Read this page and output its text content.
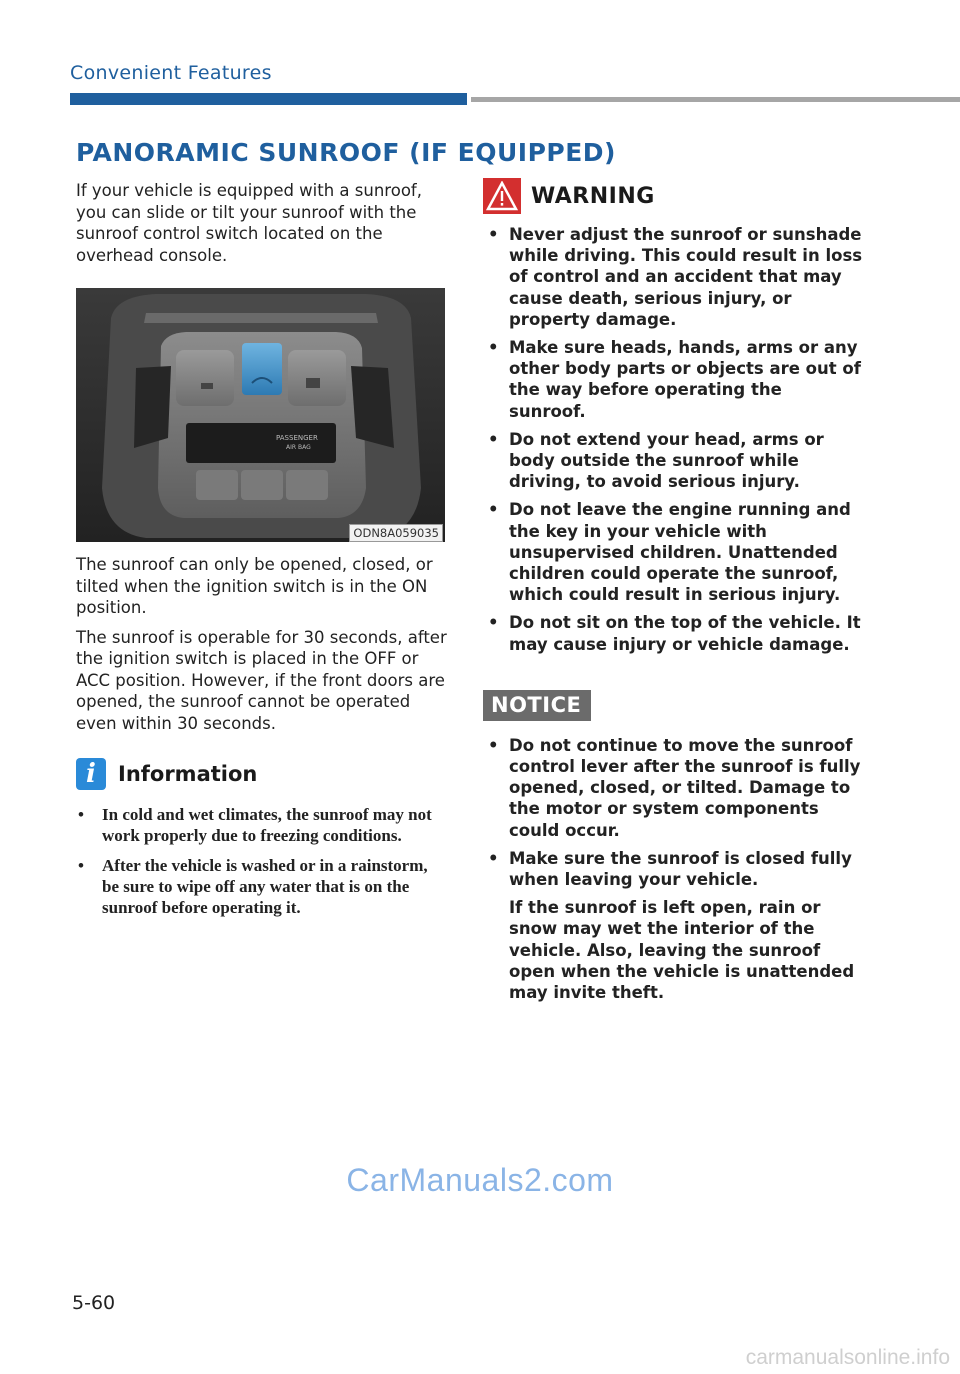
Convenient Features
PANORAMIC SUNROOF (IF EQUIPPED)

If your vehicle is equipped with a sunroof, you can slide or tilt your sunroof with the sunroof control switch located on the overhead console.

PASSENGER
AIR BAG
ODN8A059035

The sunroof can only be opened, closed, or tilted when the ignition switch is in the ON position.

The sunroof is operable for 30 seconds, after the ignition switch is placed in the OFF or ACC position. However, if the front doors are opened, the sunroof cannot be operated even within 30 seconds.

i	Information
• In cold and wet climates, the sunroof may not work properly due to freezing conditions.
• After the vehicle is washed or in a rainstorm, be sure to wipe off any water that is on the sunroof before operating it.
WARNING
• Never adjust the sunroof or sunshade while driving. This could result in loss of control and an accident that may cause death, serious injury, or property damage.
• Make sure heads, hands, arms or any other body parts or objects are out of the way before operating the sunroof.
• Do not extend your head, arms or body outside the sunroof while driving, to avoid serious injury.
• Do not leave the engine running and the key in your vehicle with unsupervised children. Unattended children could operate the sunroof, which could result in serious injury.
• Do not sit on the top of the vehicle. It may cause injury or vehicle damage.
NOTICE
• Do not continue to move the sunroof control lever after the sunroof is fully opened, closed, or tilted. Damage to the motor or system components could occur.
• Make sure the sunroof is closed fully when leaving your vehicle.
If the sunroof is left open, rain or snow may wet the interior of the vehicle. Also, leaving the sunroof open when the vehicle is unattended may invite theft.
CarManuals2.com
5-60
carmanualsonline.info
